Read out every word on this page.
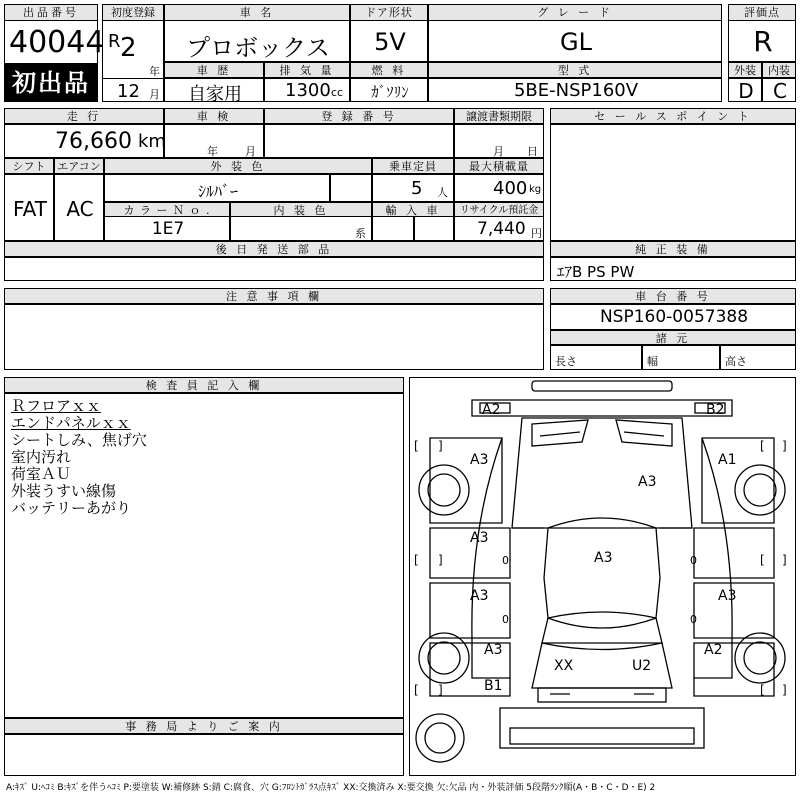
出品番号
40044
初出品
初度登録
R 2
年
12 月
車 名
プロボックス
ドア形状
5V
グ レ ー ド
GL
評価点
R
車 歴
自家用
排 気 量
1300 cc
燃 料
ｶﾞｿﾘﾝ
型 式
5BE-NSP160V
外装	内装
D C
走 行
76,660 km
車 検
年 月
登 録 番 号	譲渡書類期限
月 日
シフト
FAT
エアコン
AC
外 装 色
ｼﾙﾊﾞｰ
乗車定員
5 人
最大積載量
400 kg
カ ラ ー Ｎ ｏ .
1E7
内 装 色
系
輸 入 車	リサイクル預託金
7,440 円
後 日 発 送 部 品
セ ー ル ス ポ イ ン ト
純 正 装 備
ｴｱB PS PW
注 意 事 項 欄	車 台 番 号
NSP160-0057388
諸 元
長さ	幅	高さ
検 査 員 記 入 欄
Ｒフロアｘｘ
エンドパネルｘｘ
シートしみ、焦げ穴
室内汚れ
荷室ＡＵ
外装うすい線傷
バッテリーあがり
事 務 局 よ り ご 案 内
A2	B2
A3	A1
A3
A3
A3
A3
A3
A3
A2
XX	U2
B1
0
0
0
0
[ ]	[ ]
[ ]	[ ]
[ ]	[ ]
A:ｷｽﾞ U:ﾍｺﾐ B:ｷｽﾞを伴うﾍｺﾐ P:要塗装 W:補修跡 S:錆 C:腐食、穴 G:ﾌﾛﾝﾄｶﾞﾗｽ点ｷｽﾞ XX:交換済み X:要交換 欠:欠品 内・外装評価 5段階ﾗﾝｸ順(A・B・C・D・E) 2
